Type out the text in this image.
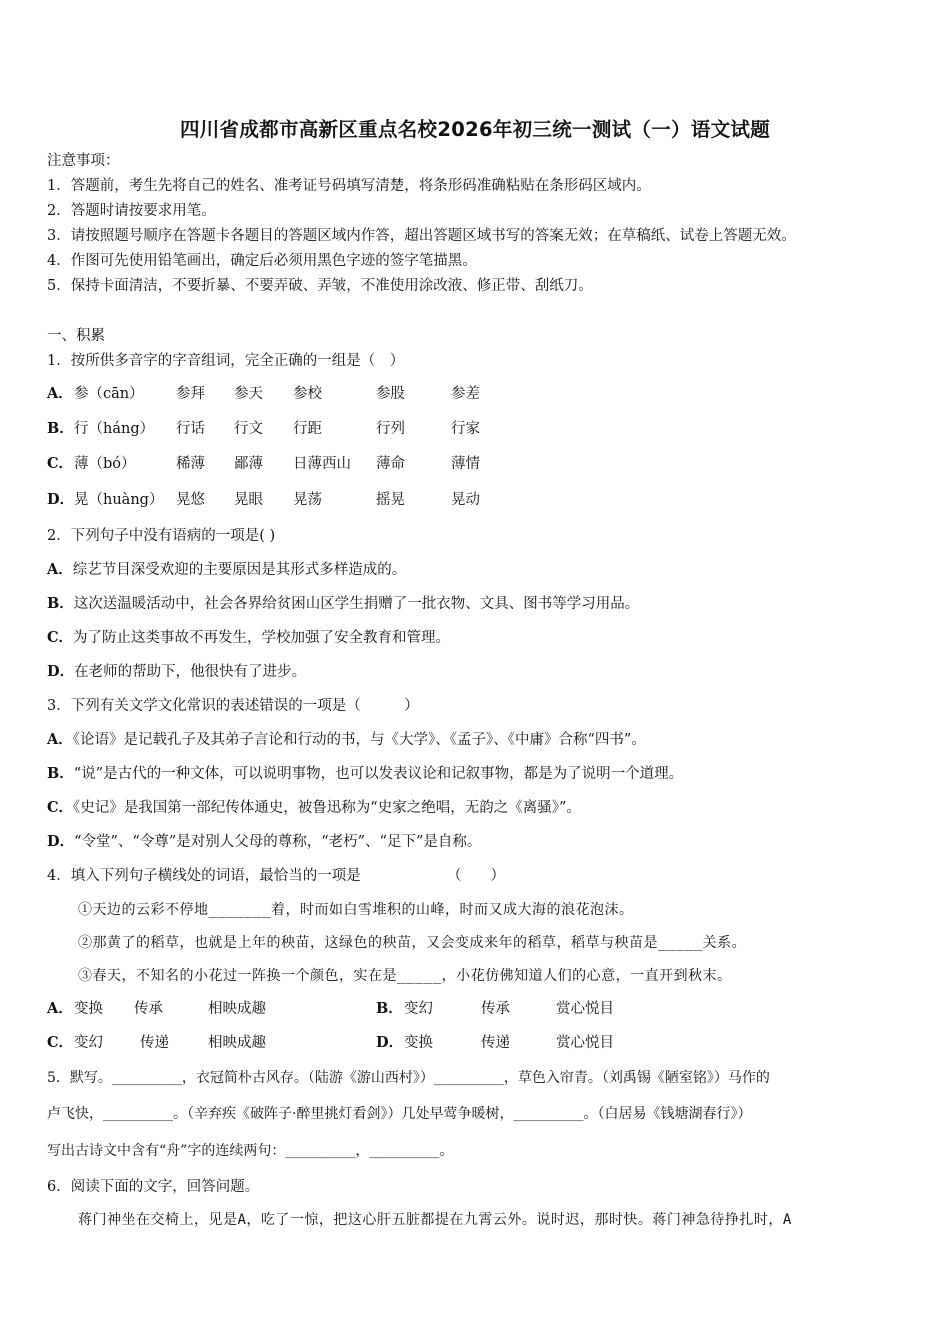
四川省成都市高新区重点名校2026年初三统一测试（一）语文试题
注意事项：
1．答题前，考生先将自己的姓名、准考证号码填写清楚，将条形码准确粘贴在条形码区域内。
2．答题时请按要求用笔。
3．请按照题号顺序在答题卡各题目的答题区域内作答，超出答题区域书写的答案无效；在草稿纸、试卷上答题无效。
4．作图可先使用铅笔画出，确定后必须用黑色字迹的签字笔描黑。
5．保持卡面清洁，不要折暴、不要弄破、弄皱，不准使用涂改液、修正带、刮纸刀。
一、积累
1．按所供多音字的字音组词，完全正确的一组是（　）
A． 参（cān） 参拜 参天 参校	参股	参差
B． 行（háng） 行话 行文 行距	行列	行家
C． 薄（bó）	稀薄 鄙薄 日薄西山 薄命	薄情
D． 晃（huàng） 晃悠 晃眼 晃荡	摇晃	晃动
2．下列句子中没有语病的一项是( )
A．综艺节目深受欢迎的主要原因是其形式多样造成的。
B．这次送温暖活动中，社会各界给贫困山区学生捐赠了一批衣物、文具、图书等学习用品。
C．为了防止这类事故不再发生，学校加强了安全教育和管理。
D．在老师的帮助下，他很快有了进步。
3．下列有关文学文化常识的表述错误的一项是（　　　）
A．《论语》是记载孔子及其弟子言论和行动的书，与《大学》、《孟子》、《中庸》合称“四书”。
B．“说”是古代的一种文体，可以说明事物，也可以发表议论和记叙事物，都是为了说明一个道理。
C．《史记》是我国第一部纪传体通史，被鲁迅称为“史家之绝唱，无韵之《离骚》”。
D．“令堂”、“令尊”是对别人父母的尊称，“老朽”、“足下”是自称。
4．填入下列句子横线处的词语，最恰当的一项是	（　　）
①天边的云彩不停地_______着，时而如白雪堆积的山峰，时而又成大海的浪花泡沫。
②那黄了的稻草，也就是上年的秧苗，这绿色的秧苗，又会变成来年的稻草，稻草与秧苗是_____关系。
③春天，不知名的小花过一阵换一个颜色，实在是_____，小花仿佛知道人们的心意，一直开到秋末。
A． 变换 传承	相映成趣	B． 变幻	传承	赏心悦目
C． 变幻	传递	相映成趣	D． 变换	传递	赏心悦目
5．默写。__________，衣冠简朴古风存。（陆游《游山西村》）__________，草色入帘青。（刘禹锡《陋室铭》）马作的
卢飞快，__________。（辛弃疾《破阵子·醉里挑灯看剑》）几处早莺争暖树，__________。（白居易《钱塘湖春行》）
写出古诗文中含有“舟”字的连续两句：__________，__________。
6．阅读下面的文字，回答问题。
蒋门神坐在交椅上，见是A，吃了一惊，把这心肝五脏都提在九霄云外。说时迟，那时快。蒋门神急待挣扎时，A
